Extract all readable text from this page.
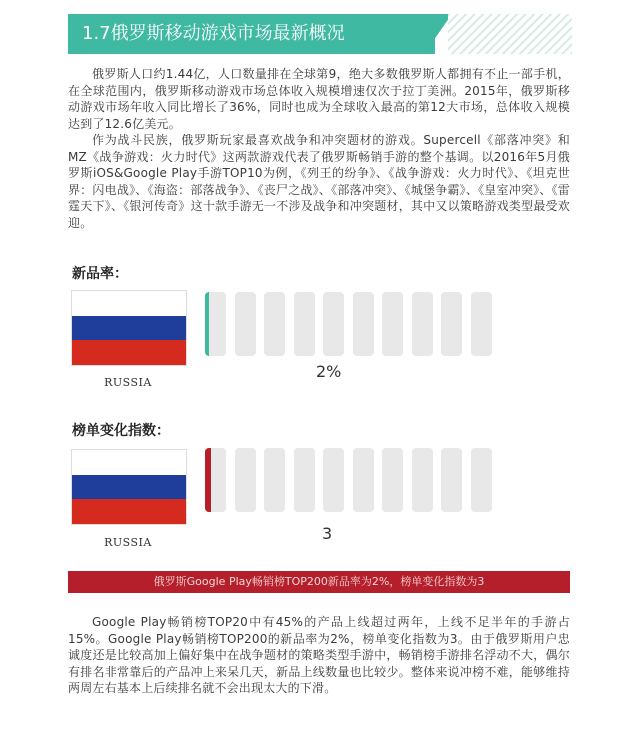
1.7俄罗斯移动游戏市场最新概况

俄罗斯人口约1.44亿，人口数量排在全球第9，绝大多数俄罗斯人都拥有不止一部手机，在全球范围内，俄罗斯移动游戏市场总体收入规模增速仅次于拉丁美洲。2015年，俄罗斯移动游戏市场年收入同比增长了36%，同时也成为全球收入最高的第12大市场，总体收入规模达到了12.6亿美元。

作为战斗民族，俄罗斯玩家最喜欢战争和冲突题材的游戏。Supercell《部落冲突》和MZ《战争游戏：火力时代》这两款游戏代表了俄罗斯畅销手游的整个基调。以2016年5月俄罗斯iOS&Google Play手游TOP10为例，《列王的纷争》、《战争游戏：火力时代》、《坦克世界：闪电战》、《海盗：部落战争》、《丧尸之战》、《部落冲突》、《城堡争霸》、《皇室冲突》、《雷霆天下》、《银河传奇》这十款手游无一不涉及战争和冲突题材，其中又以策略游戏类型最受欢迎。

新品率：
RUSSIA
2%
榜单变化指数：
RUSSIA	3
俄罗斯Google Play畅销榜TOP200新品率为2%，榜单变化指数为3

Google Play畅销榜TOP20中有45%的产品上线超过两年，上线不足半年的手游占15%。Google Play畅销榜TOP200的新品率为2%，榜单变化指数为3。由于俄罗斯用户忠诚度还是比较高加上偏好集中在战争题材的策略类型手游中，畅销榜手游排名浮动不大，偶尔有排名非常靠后的产品冲上来呆几天，新品上线数量也比较少。整体来说冲榜不难，能够维持两周左右基本上后续排名就不会出现太大的下滑。
